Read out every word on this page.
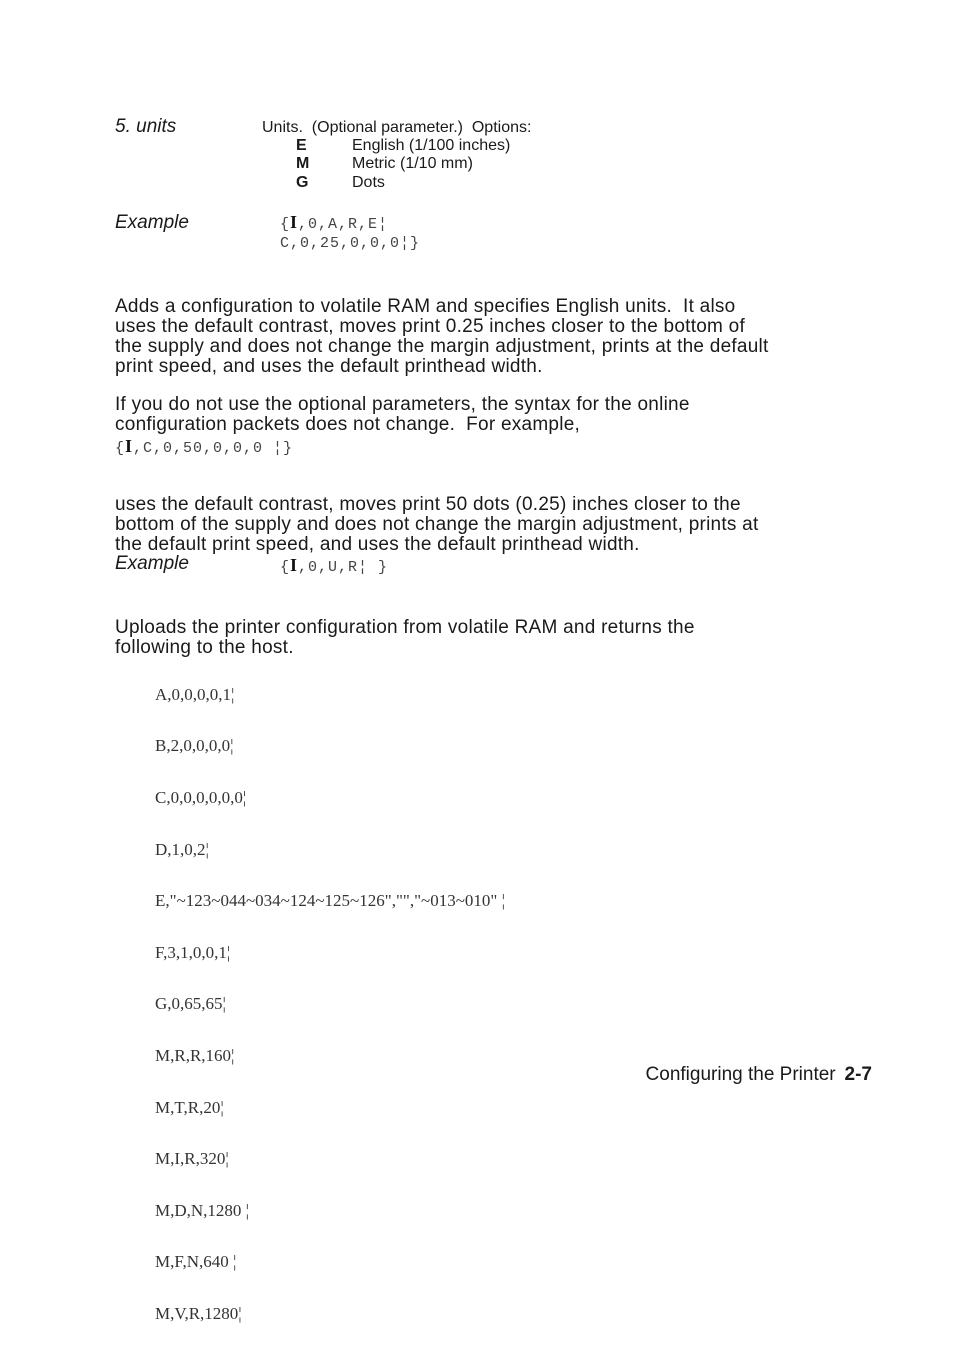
5. units	Units.  (Optional parameter.)  Options:
E	English (1/100 inches)
M	Metric (1/10 mm)
G	Dots
Example	{I,0,A,R,E¦
C,0,25,0,0,0¦}

Adds a configuration to volatile RAM and specifies English units.  It also
uses the default contrast, moves print 0.25 inches closer to the bottom of
the supply and does not change the margin adjustment, prints at the default
print speed, and uses the default printhead width.

If you do not use the optional parameters, the syntax for the online
configuration packets does not change.  For example,

{I,C,0,50,0,0,0 ¦}

uses the default contrast, moves print 50 dots (0.25) inches closer to the
bottom of the supply and does not change the margin adjustment, prints at
the default print speed, and uses the default printhead width.

Example	{I,0,U,R¦ }

Uploads the printer configuration from volatile RAM and returns the
following to the host.

A,0,0,0,0,1¦

B,2,0,0,0,0¦

C,0,0,0,0,0,0¦

D,1,0,2¦

E,"~123~044~034~124~125~126","","~013~010" ¦

F,3,1,0,0,1¦

G,0,65,65¦

M,R,R,160¦

M,T,R,20¦

M,I,R,320¦

M,D,N,1280 ¦

M,F,N,640 ¦

M,V,R,1280¦

Configuring the Printer 2-7
